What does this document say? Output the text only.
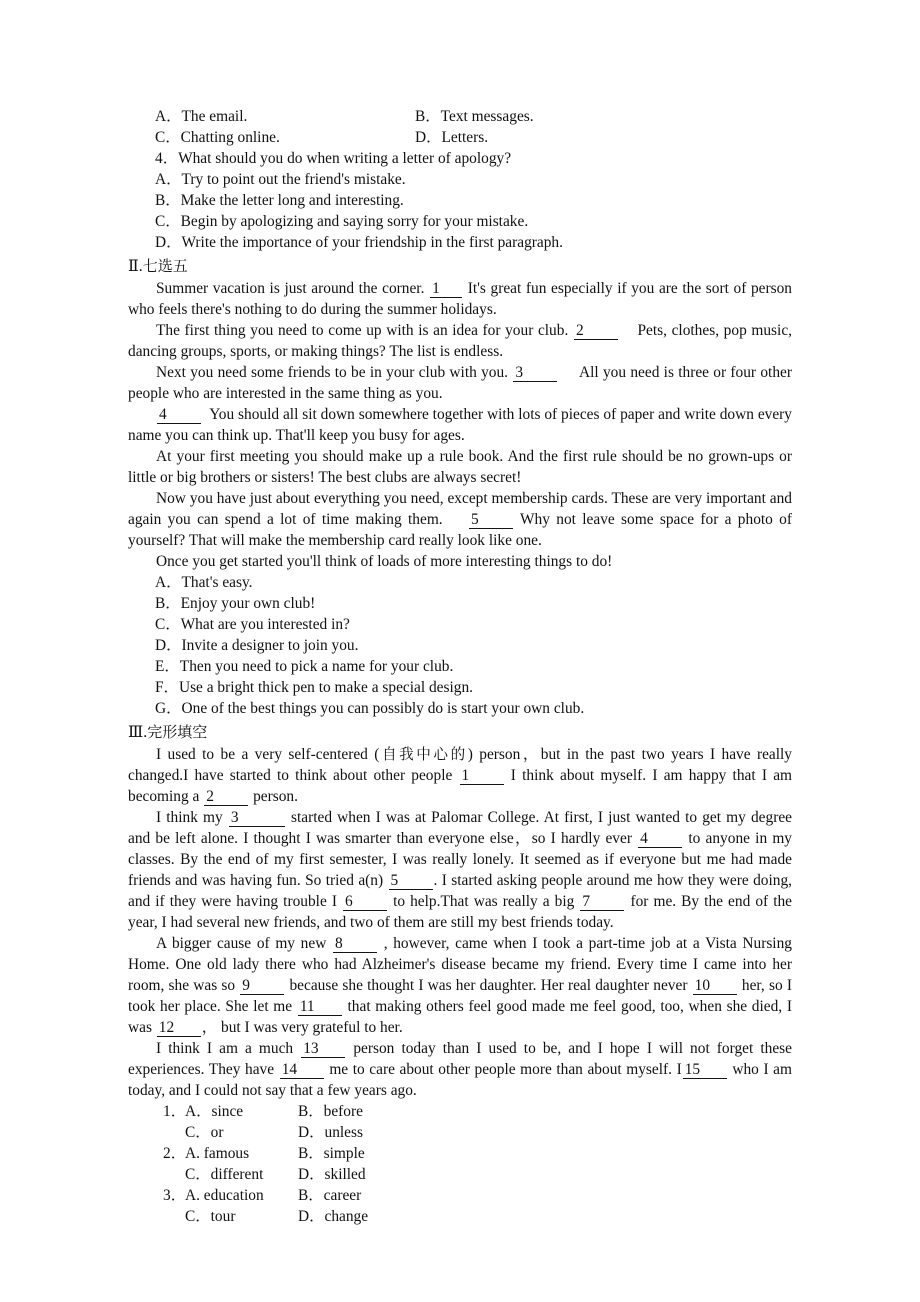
A．The email.	B．Text messages.
C．Chatting online.	D．Letters.
4．What should you do when writing a letter of apology?
A．Try to point out the friend's mistake.
B．Make the letter long and interesting.
C．Begin by apologizing and saying sorry for your mistake.
D．Write the importance of your friendship in the first paragraph.
Ⅱ.七选五

Summer vacation is just around the corner. 1 It's great fun especially if you are the sort of person who feels there's nothing to do during the summer holidays.

The first thing you need to come up with is an idea for your club. 2	Pets, clothes, pop music, dancing groups, sports, or making things? The list is endless.

Next you need some friends to be in your club with you. 3	All you need is three or four other people who are interested in the same thing as you.

4	You should all sit down somewhere together with lots of pieces of paper and write down every name you can think up. That'll keep you busy for ages.

At your first meeting you should make up a rule book. And the first rule should be no grown-ups or little or big brothers or sisters! The best clubs are always secret!

Now you have just about everything you need, except membership cards. These are very important and again you can spend a lot of time making them. 5	Why not leave some space for a photo of yourself? That will make the membership card really look like one.

Once you get started you'll think of loads of more interesting things to do!

A．That's easy.
B．Enjoy your own club!
C．What are you interested in?
D．Invite a designer to join you.
E．Then you need to pick a name for your club.
F．Use a bright thick pen to make a special design.
G．One of the best things you can possibly do is start your own club.
Ⅲ.完形填空

I used to be a very self-centered (自我中心的) person，but in the past two years I have really changed.I have started to think about other people 1	I think about myself. I am happy that I am becoming a 2	person.

I think my 3	started when I was at Palomar College. At first, I just wanted to get my degree and be left alone. I thought I was smarter than everyone else，so I hardly ever 4	to anyone in my classes. By the end of my first semester, I was really lonely. It seemed as if everyone but me had made friends and was having fun. So tried a(n) 5 . I started asking people around me how they were doing, and if they were having trouble I 6	to help.That was really a big 7	for me. By the end of the year, I had several new friends, and two of them are still my best friends today.

A bigger cause of my new 8	, however, came when I took a part-time job at a Vista Nursing Home. One old lady there who had Alzheimer's disease became my friend. Every time I came into her room, she was so 9	because she thought I was her daughter. Her real daughter never 10 her, so I took her place. She let me 11 that making others feel good made me feel good, too, when she died, I was 12 ， but I was very grateful to her.

I think I am a much 13 person today than I used to be, and I hope I will not forget these experiences. They have 14 me to care about other people more than about myself. I 15 who I am today, and I could not say that a few years ago.

1．
A．since	B．before
C．or	D．unless
2．
A. famous	B．simple
C．different D．skilled
3．
A. education B．career
C．tour	D．change
